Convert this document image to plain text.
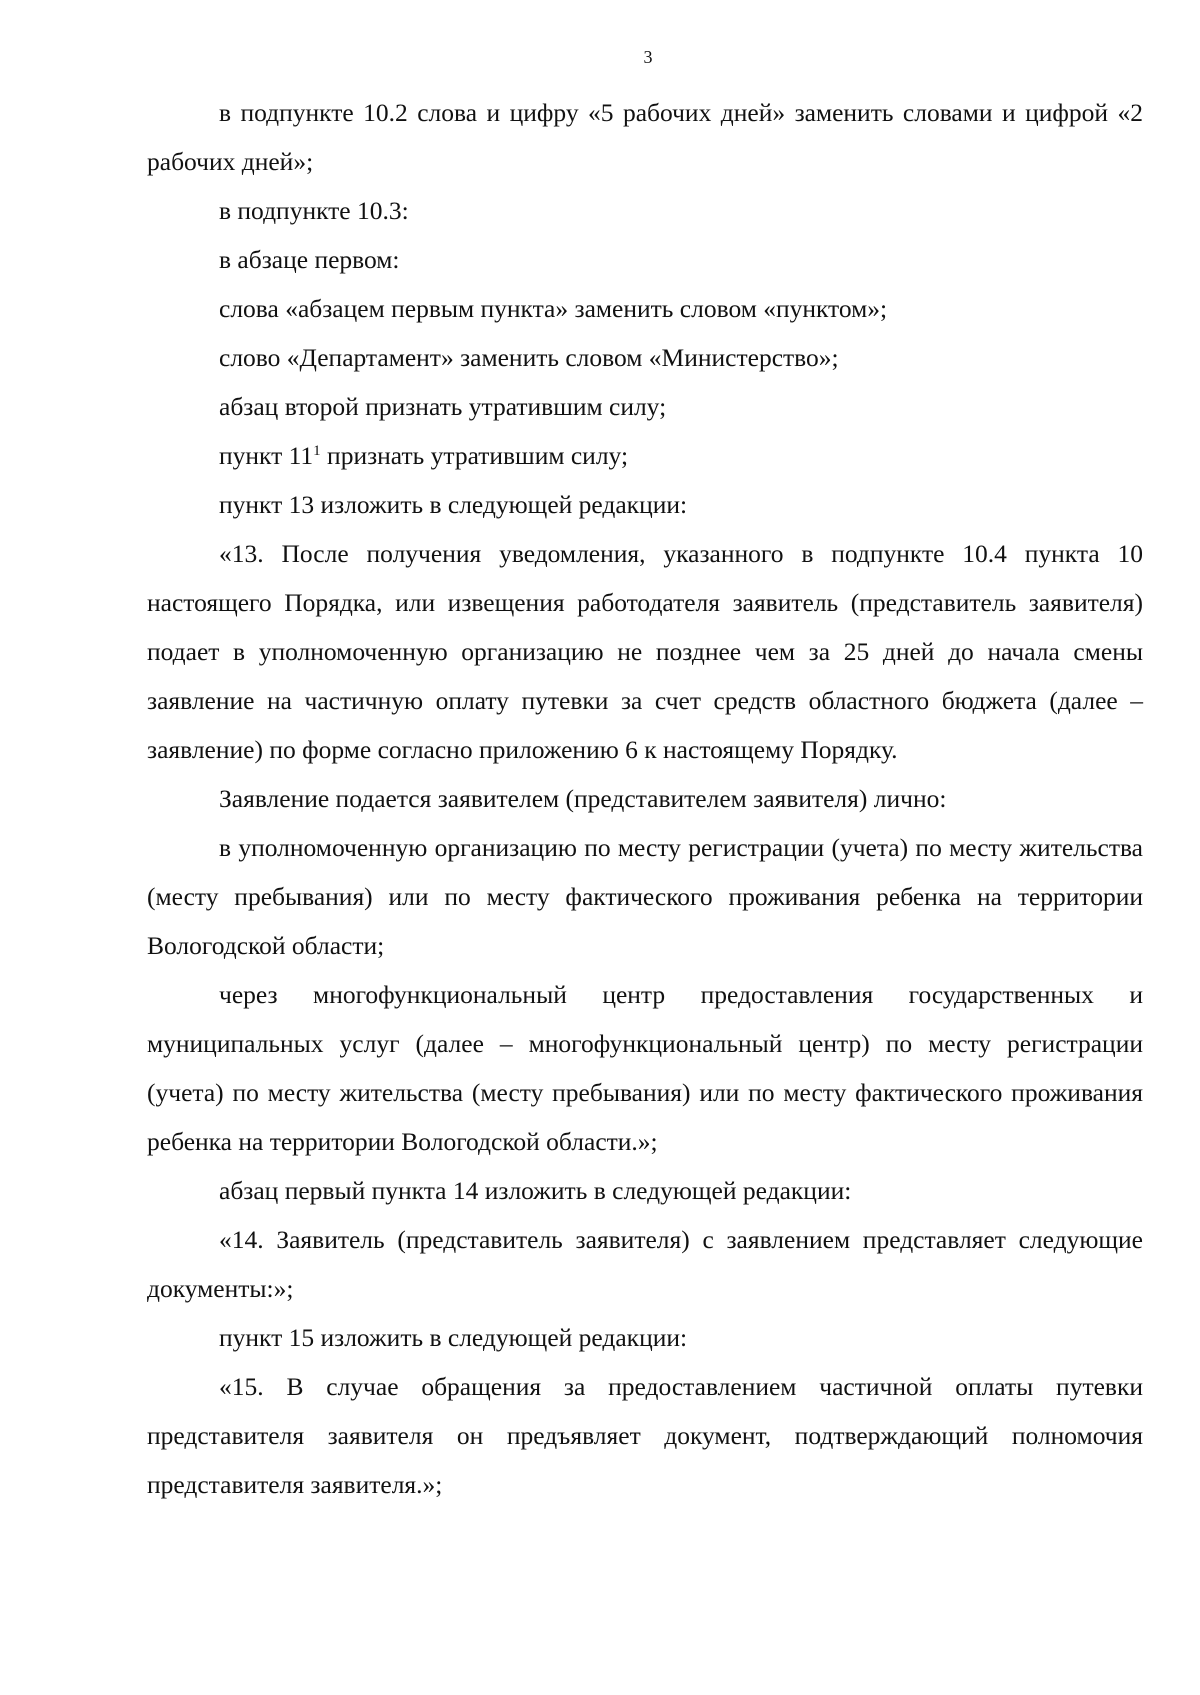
3

в подпункте 10.2 слова и цифру «5 рабочих дней» заменить словами и цифрой «2 рабочих дней»;

в подпункте 10.3:

в абзаце первом:

слова «абзацем первым пункта» заменить словом «пунктом»;

слово «Департамент» заменить словом «Министерство»;

абзац второй признать утратившим силу;

пункт $11^1$ признать утратившим силу;

пункт 13 изложить в следующей редакции:

«13. После получения уведомления, указанного в подпункте 10.4 пункта 10 настоящего Порядка, или извещения работодателя заявитель (представитель заявителя) подает в уполномоченную организацию не позднее чем за 25 дней до начала смены заявление на частичную оплату путевки за счет средств областного бюджета (далее – заявление) по форме согласно приложению 6 к настоящему Порядку.

Заявление подается заявителем (представителем заявителя) лично:

в уполномоченную организацию по месту регистрации (учета) по месту жительства (месту пребывания) или по месту фактического проживания ребенка на территории Вологодской области;

через многофункциональный центр предоставления государственных и муниципальных услуг (далее – многофункциональный центр) по месту регистрации (учета) по месту жительства (месту пребывания) или по месту фактического проживания ребенка на территории Вологодской области.»;

абзац первый пункта 14 изложить в следующей редакции:

«14. Заявитель (представитель заявителя) с заявлением представляет следующие документы:»;

пункт 15 изложить в следующей редакции:

«15. В случае обращения за предоставлением частичной оплаты путевки представителя заявителя он предъявляет документ, подтверждающий полномочия представителя заявителя.»;
